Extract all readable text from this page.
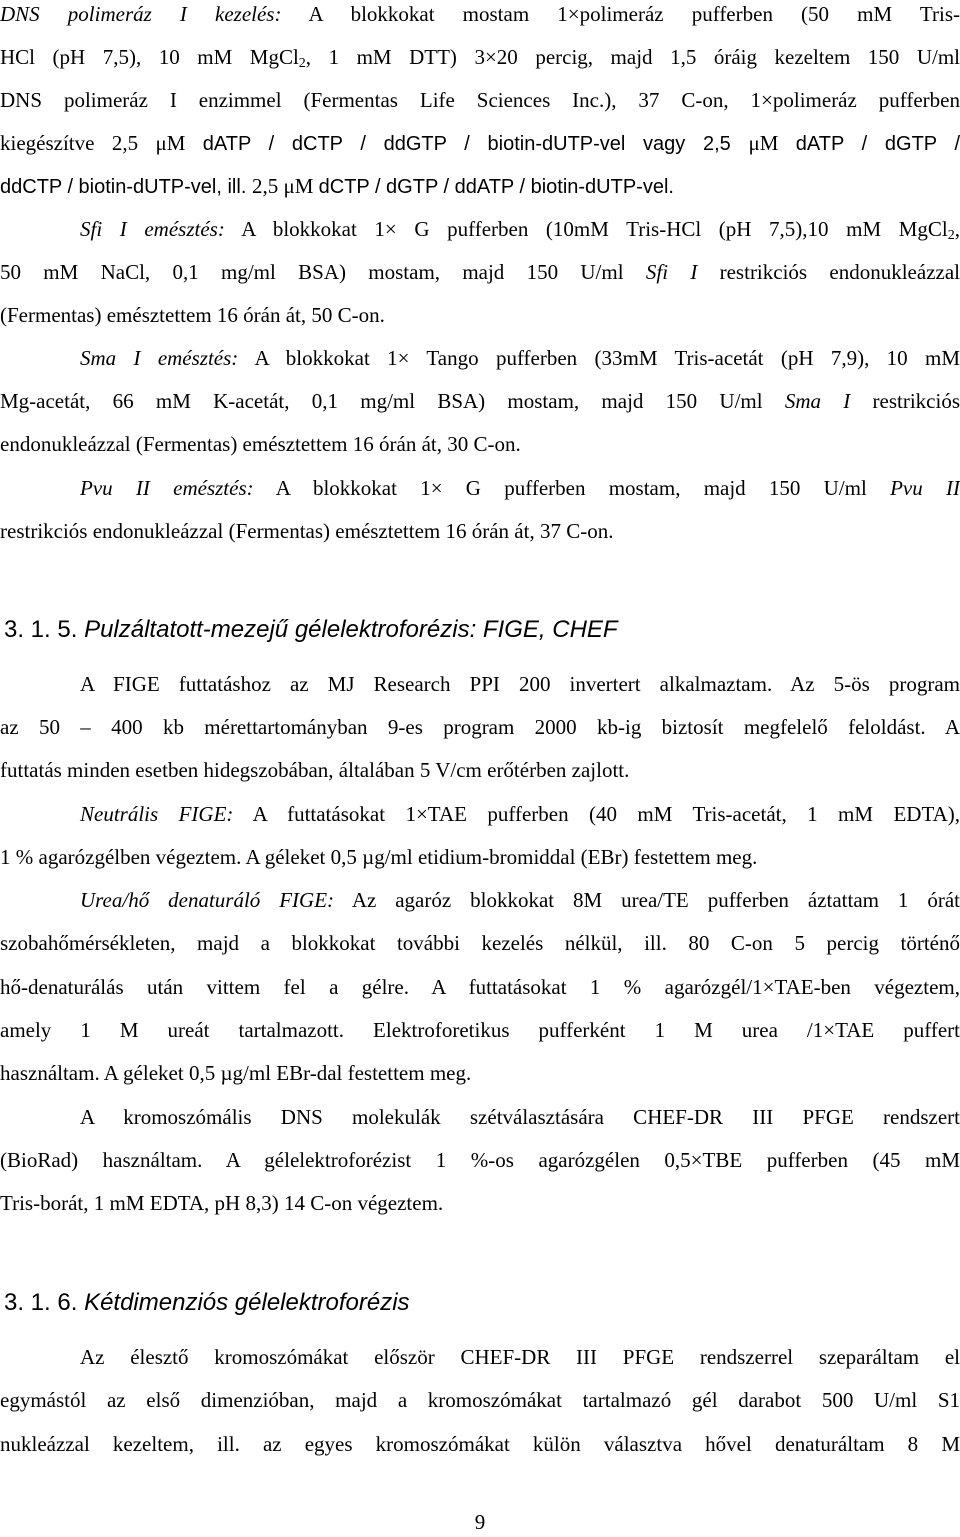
DNS polimeráz I kezelés: A blokkokat mostam 1×polimeráz pufferben (50 mM Tris-
HCl (pH 7,5), 10 mM MgCl$_2$, 1 mM DTT) 3×20 percig, majd 1,5 óráig kezeltem 150 U/ml
DNS polimeráz I enzimmel (Fermentas Life Sciences Inc.), 37 C-on, 1×polimeráz pufferben
kiegészítve 2,5 μM dATP / dCTP / ddGTP / biotin-dUTP-vel vagy 2,5 μM dATP / dGTP /
ddCTP / biotin-dUTP-vel, ill. 2,5 μM dCTP / dGTP / ddATP / biotin-dUTP-vel.
Sfi I emésztés: A blokkokat 1× G pufferben (10mM Tris-HCl (pH 7,5),10 mM MgCl$_2$,
50 mM NaCl, 0,1 mg/ml BSA) mostam, majd 150 U/ml Sfi I restrikciós endonukleázzal
(Fermentas) emésztettem 16 órán át, 50 C-on.
Sma I emésztés: A blokkokat 1× Tango pufferben (33mM Tris-acetát (pH 7,9), 10 mM
Mg-acetát, 66 mM K-acetát, 0,1 mg/ml BSA) mostam, majd 150 U/ml Sma I restrikciós
endonukleázzal (Fermentas) emésztettem 16 órán át, 30 C-on.
Pvu II emésztés: A blokkokat 1× G pufferben mostam, majd 150 U/ml Pvu II
restrikciós endonukleázzal (Fermentas) emésztettem 16 órán át, 37 C-on.
3. 1. 5. Pulzáltatott-mezejű gélelektroforézis: FIGE, CHEF
A FIGE futtatáshoz az MJ Research PPI 200 invertert alkalmaztam. Az 5-ös program
az 50 – 400 kb mérettartományban 9-es program 2000 kb-ig biztosít megfelelő feloldást. A
futtatás minden esetben hidegszobában, általában 5 V/cm erőtérben zajlott.
Neutrális FIGE: A futtatásokat 1×TAE pufferben (40 mM Tris-acetát, 1 mM EDTA),
1 % agarózgélben végeztem. A géleket 0,5 µg/ml etidium-bromiddal (EBr) festettem meg.
Urea/hő denaturáló FIGE: Az agaróz blokkokat 8M urea/TE pufferben áztattam 1 órát
szobahőmérsékleten, majd a blokkokat további kezelés nélkül, ill. 80 C-on 5 percig történő
hő-denaturálás után vittem fel a gélre. A futtatásokat 1 % agarózgél/1×TAE-ben végeztem,
amely 1 M ureát tartalmazott. Elektroforetikus pufferként 1 M urea /1×TAE puffert
használtam. A géleket 0,5 µg/ml EBr-dal festettem meg.
A kromoszómális DNS molekulák szétválasztására CHEF-DR III PFGE rendszert
(BioRad) használtam. A gélelektroforézist 1 %-os agarózgélen 0,5×TBE pufferben (45 mM
Tris-borát, 1 mM EDTA, pH 8,3) 14 C-on végeztem.
3. 1. 6. Kétdimenziós gélelektroforézis
Az élesztő kromoszómákat először CHEF-DR III PFGE rendszerrel szeparáltam el
egymástól az első dimenzióban, majd a kromoszómákat tartalmazó gél darabot 500 U/ml S1
nukleázzal kezeltem, ill. az egyes kromoszómákat külön választva hővel denaturáltam 8 M
9
